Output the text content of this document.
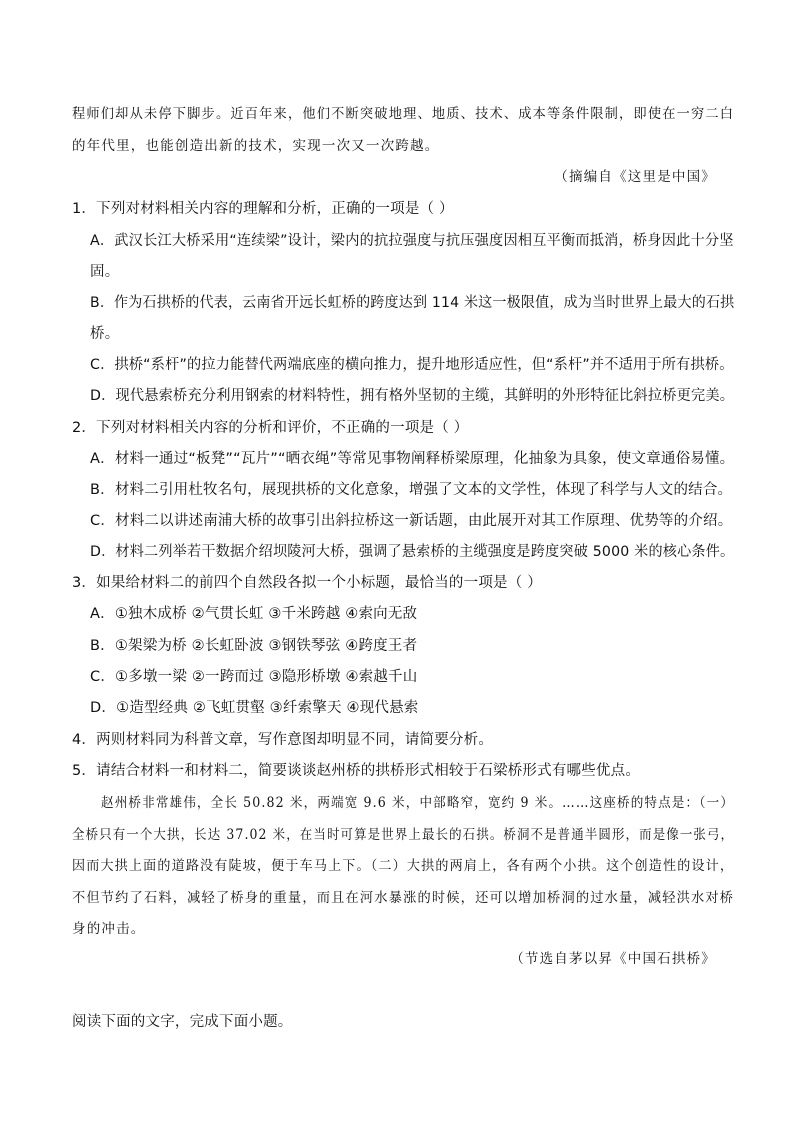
程师们却从未停下脚步。近百年来，他们不断突破地理、地质、技术、成本等条件限制，即使在一穷二白
的年代里，也能创造出新的技术，实现一次又一次跨越。
（摘编自《这里是中国》
1．下列对材料相关内容的理解和分析，正确的一项是（ ）
A．武汉长江大桥采用“连续梁”设计，梁内的抗拉强度与抗压强度因相互平衡而抵消，桥身因此十分坚
固。
B．作为石拱桥的代表，云南省开远长虹桥的跨度达到 114 米这一极限值，成为当时世界上最大的石拱
桥。
C．拱桥“系杆”的拉力能替代两端底座的横向推力，提升地形适应性，但“系杆”并不适用于所有拱桥。
D．现代悬索桥充分利用钢索的材料特性，拥有格外坚韧的主缆，其鲜明的外形特征比斜拉桥更完美。
2．下列对材料相关内容的分析和评价，不正确的一项是（ ）
A．材料一通过“板凳”“瓦片”“晒衣绳”等常见事物阐释桥梁原理，化抽象为具象，使文章通俗易懂。
B．材料二引用杜牧名句，展现拱桥的文化意象，增强了文本的文学性，体现了科学与人文的结合。
C．材料二以讲述南浦大桥的故事引出斜拉桥这一新话题，由此展开对其工作原理、优势等的介绍。
D．材料二列举若干数据介绍坝陵河大桥，强调了悬索桥的主缆强度是跨度突破 5000 米的核心条件。
3．如果给材料二的前四个自然段各拟一个小标题，最恰当的一项是（ ）
A．①独木成桥 ②气贯长虹 ③千米跨越 ④索向无敌
B．①架梁为桥 ②长虹卧波 ③钢铁琴弦 ④跨度王者
C．①多墩一梁 ②一跨而过 ③隐形桥墩 ④索越千山
D．①造型经典 ②飞虹贯壑 ③纤索擎天 ④现代悬索
4．两则材料同为科普文章，写作意图却明显不同，请简要分析。
5．请结合材料一和材料二，简要谈谈赵州桥的拱桥形式相较于石梁桥形式有哪些优点。
赵州桥非常雄伟，全长 50.82 米，两端宽 9.6 米，中部略窄，宽约 9 米。……这座桥的特点是：（一）
全桥只有一个大拱，长达 37.02 米，在当时可算是世界上最长的石拱。桥洞不是普通半圆形，而是像一张弓，
因而大拱上面的道路没有陡坡，便于车马上下。（二）大拱的两肩上，各有两个小拱。这个创造性的设计，
不但节约了石料，减轻了桥身的重量，而且在河水暴涨的时候，还可以增加桥洞的过水量，减轻洪水对桥
身的冲击。
（节选自茅以昇《中国石拱桥》
阅读下面的文字，完成下面小题。
